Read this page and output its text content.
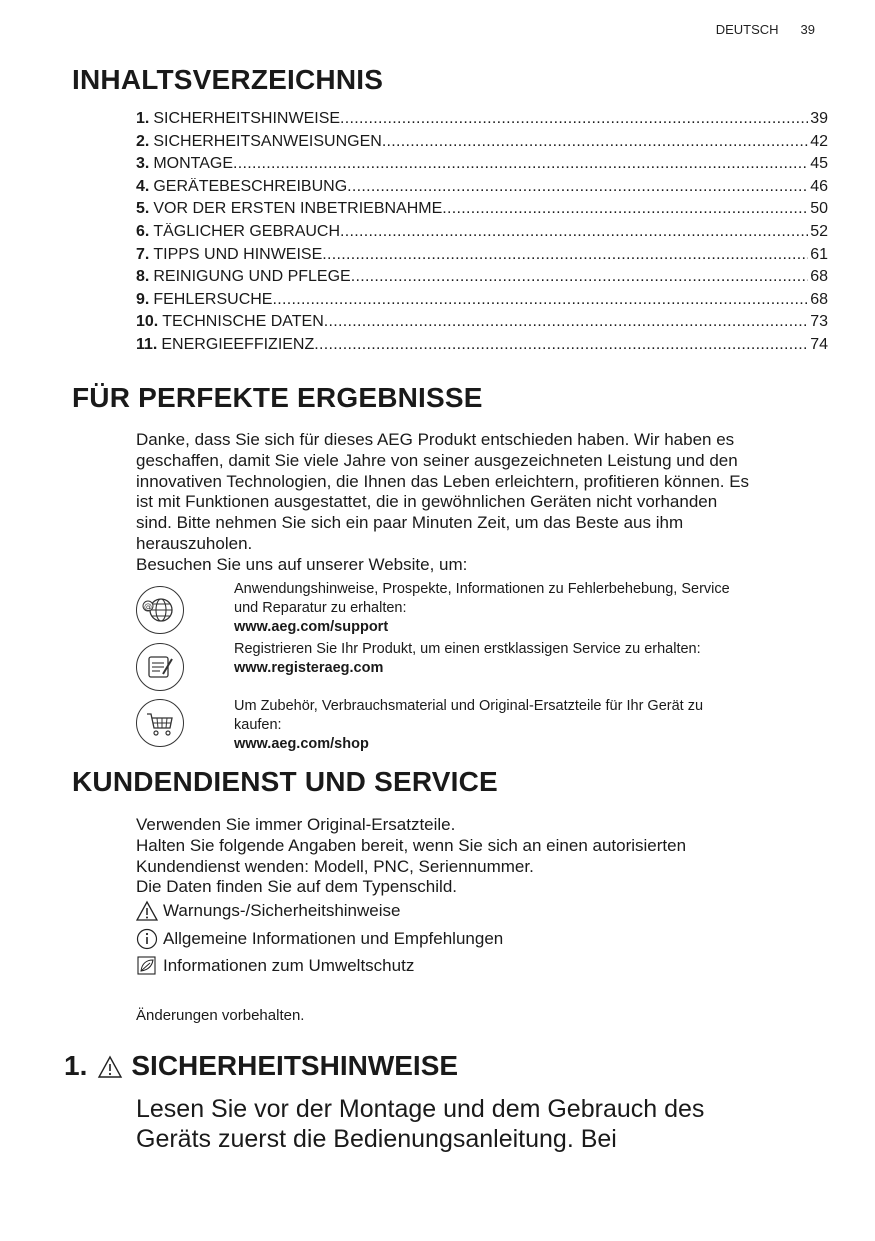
DEUTSCH 39
INHALTSVERZEICHNIS
1. SICHERHEITSHINWEISE .....	39
2. SICHERHEITSANWEISUNGEN .....	42
3. MONTAGE .....	45
4. GERÄTEBESCHREIBUNG .....	46
5. VOR DER ERSTEN INBETRIEBNAHME .....	50
6. TÄGLICHER GEBRAUCH .....	52
7. TIPPS UND HINWEISE .....	61
8. REINIGUNG UND PFLEGE .....	68
9. FEHLERSUCHE .....	68
10. TECHNISCHE DATEN .....	73
11. ENERGIEEFFIZIENZ .....	74
FÜR PERFEKTE ERGEBNISSE
Danke, dass Sie sich für dieses AEG Produkt entschieden haben. Wir haben es
geschaffen, damit Sie viele Jahre von seiner ausgezeichneten Leistung und den
innovativen Technologien, die Ihnen das Leben erleichtern, profitieren können. Es
ist mit Funktionen ausgestattet, die in gewöhnlichen Geräten nicht vorhanden
sind. Bitte nehmen Sie sich ein paar Minuten Zeit, um das Beste aus ihm
herauszuholen.
Besuchen Sie uns auf unserer Website, um:
@
Anwendungshinweise, Prospekte, Informationen zu Fehlerbehebung, Service
und Reparatur zu erhalten:
www.aeg.com/support
Registrieren Sie Ihr Produkt, um einen erstklassigen Service zu erhalten:
www.registeraeg.com
Um Zubehör, Verbrauchsmaterial und Original-Ersatzteile für Ihr Gerät zu
kaufen:
www.aeg.com/shop
KUNDENDIENST UND SERVICE
Verwenden Sie immer Original-Ersatzteile.
Halten Sie folgende Angaben bereit, wenn Sie sich an einen autorisierten
Kundendienst wenden: Modell, PNC, Seriennummer.
Die Daten finden Sie auf dem Typenschild.
Warnungs-/Sicherheitshinweise
Allgemeine Informationen und Empfehlungen
Informationen zum Umweltschutz
Änderungen vorbehalten.
1. SICHERHEITSHINWEISE
Lesen Sie vor der Montage und dem Gebrauch des
Geräts zuerst die Bedienungsanleitung. Bei
